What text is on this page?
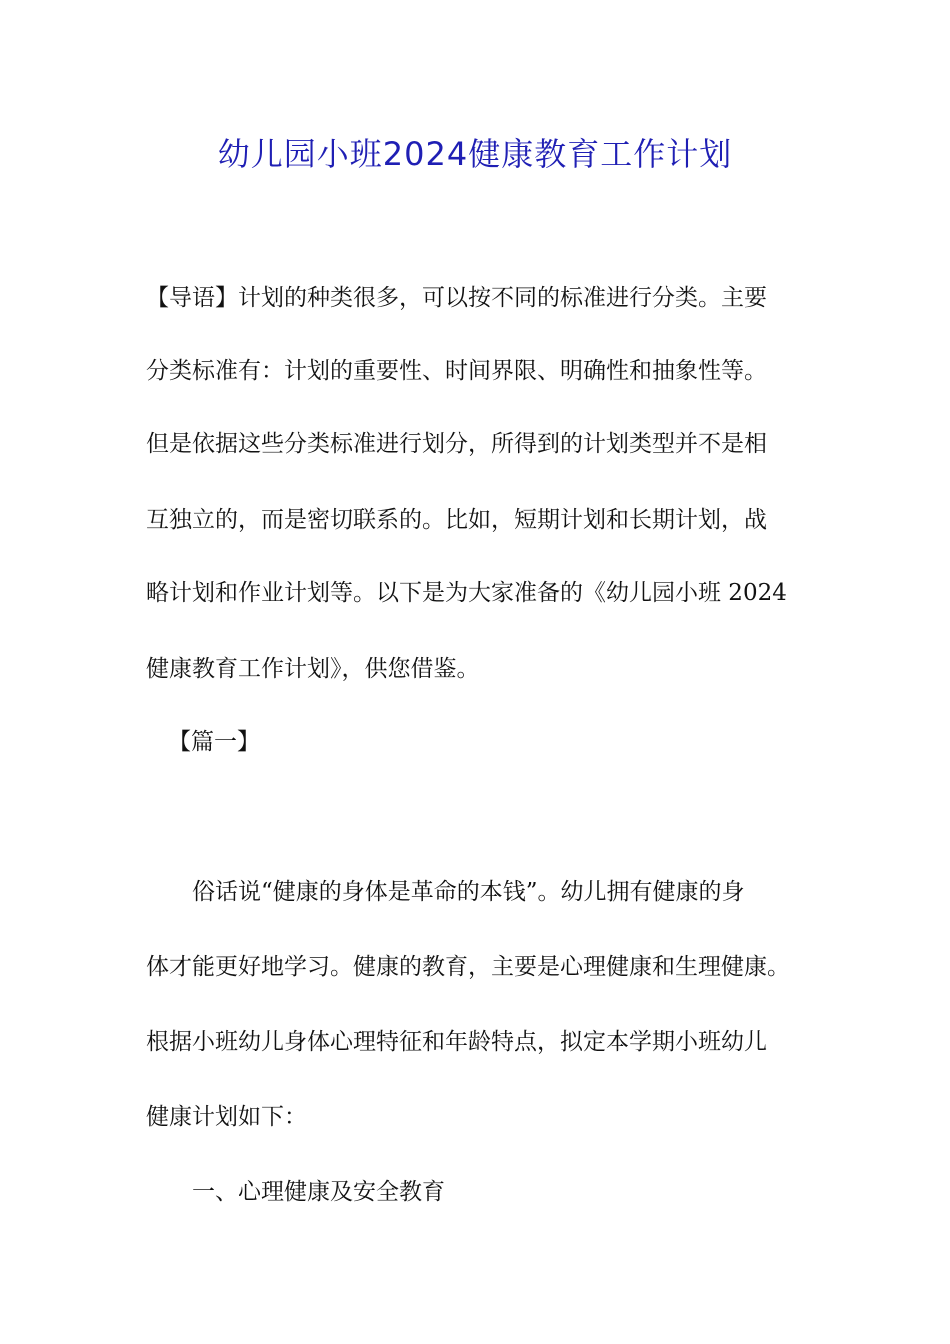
幼儿园小班2024健康教育工作计划
【导语】计划的种类很多，可以按不同的标准进行分类。主要
分类标准有：计划的重要性、时间界限、明确性和抽象性等。
但是依据这些分类标准进行划分，所得到的计划类型并不是相
互独立的，而是密切联系的。比如，短期计划和长期计划，战
略计划和作业计划等。以下是为大家准备的《幼儿园小班 2024
健康教育工作计划》，供您借鉴。
【篇一】
俗话说“健康的身体是革命的本钱”。幼儿拥有健康的身
体才能更好地学习。健康的教育，主要是心理健康和生理健康。
根据小班幼儿身体心理特征和年龄特点，拟定本学期小班幼儿
健康计划如下：
一、心理健康及安全教育
